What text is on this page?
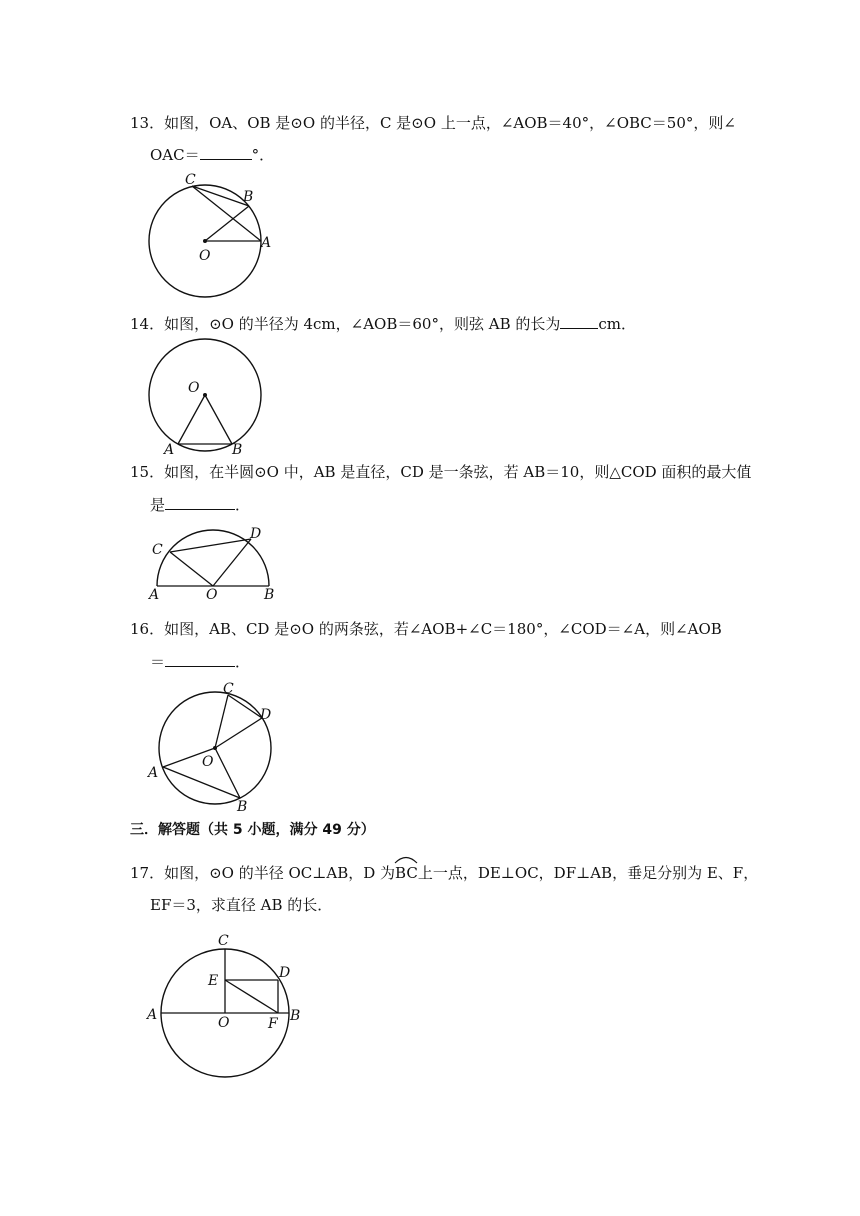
13．如图，OA、OB 是⊙O 的半径，C 是⊙O 上一点，∠AOB＝40°，∠OBC＝50°，则∠
OAC＝	°．
C
B
A
O
14．如图，⊙O 的半径为 4cm，∠AOB＝60°，则弦 AB 的长为	cm．
O
A	B
15．如图，在半圆⊙O 中，AB 是直径，CD 是一条弦，若 AB＝10，则△COD 面积的最大值
是	．
C
D
A	O	B
16．如图，AB、CD 是⊙O 的两条弦，若∠AOB+∠C＝180°，∠COD＝∠A，则∠AOB
＝	．
C
D
O
A
B
三．解答题（共 5 小题，满分 49 分）
17．如图，⊙O 的半径 OC⊥AB，D 为
BC上一点，DE⊥OC，DF⊥AB，垂足分别为 E、F，
EF＝3，求直径 AB 的长．
C
D
E
A	O	F B
